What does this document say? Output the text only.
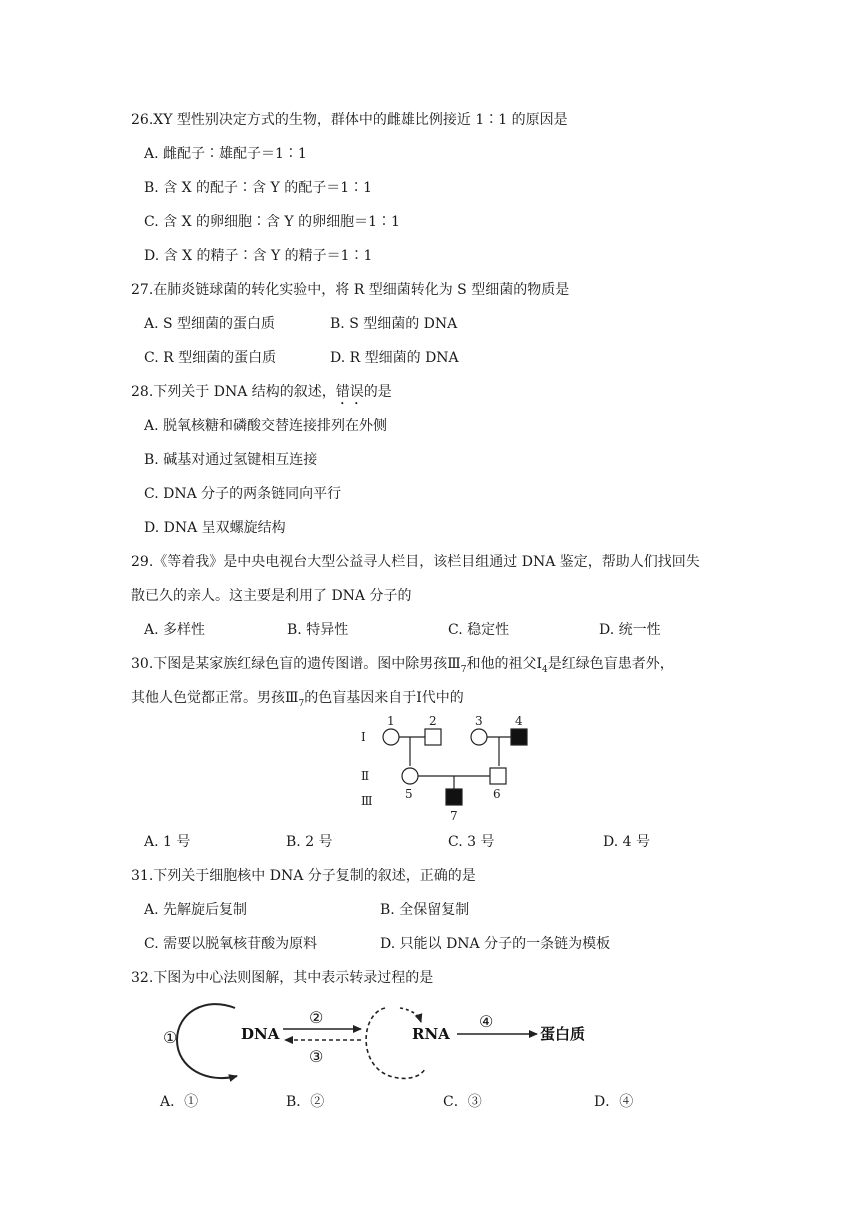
26.XY 型性别决定方式的生物，群体中的雌雄比例接近 1∶1 的原因是
A. 雌配子∶雄配子＝1∶1
B. 含 X 的配子∶含 Y 的配子＝1∶1
C. 含 X 的卵细胞∶含 Y 的卵细胞＝1∶1
D. 含 X 的精子∶含 Y 的精子＝1∶1
27.在肺炎链球菌的转化实验中，将 R 型细菌转化为 S 型细菌的物质是
A. S 型细菌的蛋白质	B. S 型细菌的 DNA
C. R 型细菌的蛋白质	D. R 型细菌的 DNA
28.下列关于 DNA 结构的叙述，错误的是
A. 脱氧核糖和磷酸交替连接排列在外侧
B. 碱基对通过氢键相互连接
C. DNA 分子的两条链同向平行
D. DNA 呈双螺旋结构
29.《等着我》是中央电视台大型公益寻人栏目，该栏目组通过 DNA 鉴定，帮助人们找回失
散已久的亲人。这主要是利用了 DNA 分子的
A. 多样性	B. 特异性	C. 稳定性	D. 统一性
30.下图是某家族红绿色盲的遗传图谱。图中除男孩$Ⅲ_7$和他的祖父$Ⅰ_4$是红绿色盲患者外，
其他人色觉都正常。男孩$Ⅲ_7$的色盲基因来自于Ⅰ代中的
Ⅰ
Ⅱ
Ⅲ
1	2	3	4
5	6
7
A. 1 号	B. 2 号	C. 3 号	D. 4 号
31.下列关于细胞核中 DNA 分子复制的叙述，正确的是
A. 先解旋后复制	B. 全保留复制
C. 需要以脱氧核苷酸为原料	D. 只能以 DNA 分子的一条链为模板
32.下图为中心法则图解，其中表示转录过程的是
DNA	RNA	蛋白质
①
②
③
④
A．①	B．②	C．③	D．④
